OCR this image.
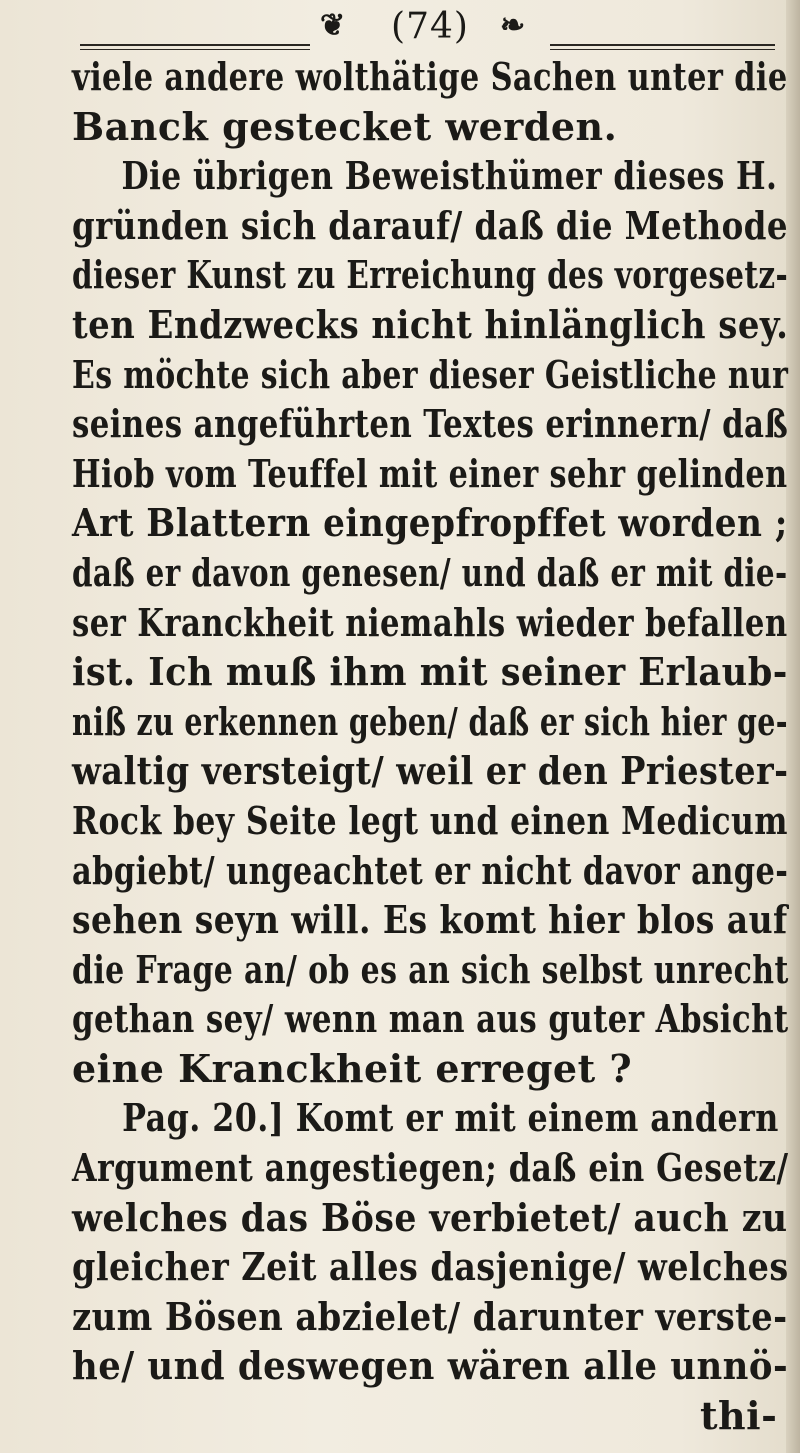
❦	(74)	❧
viele andere wolthätige Sachen unter die
Banck gestecket werden.
Die übrigen Beweisthümer dieses H.
gründen sich darauf/ daß die Methode
dieser Kunst zu Erreichung des vorgesetz-
ten Endzwecks nicht hinlänglich sey.
Es möchte sich aber dieser Geistliche nur
seines angeführten Textes erinnern/ daß
Hiob vom Teuffel mit einer sehr gelinden
Art Blattern eingepfropffet worden ;
daß er davon genesen/ und daß er mit die-
ser Kranckheit niemahls wieder befallen
ist. Ich muß ihm mit seiner Erlaub-
niß zu erkennen geben/ daß er sich hier ge-
waltig versteigt/ weil er den Priester-
Rock bey Seite legt und einen Medicum
abgiebt/ ungeachtet er nicht davor ange-
sehen seyn will. Es komt hier blos auf
die Frage an/ ob es an sich selbst unrecht
gethan sey/ wenn man aus guter Absicht
eine Kranckheit erreget ?
Pag. 20.] Komt er mit einem andern
Argument angestiegen; daß ein Gesetz/
welches das Böse verbietet/ auch zu
gleicher Zeit alles dasjenige/ welches
zum Bösen abzielet/ darunter verste-
he/ und deswegen wären alle unnö-
thi-
